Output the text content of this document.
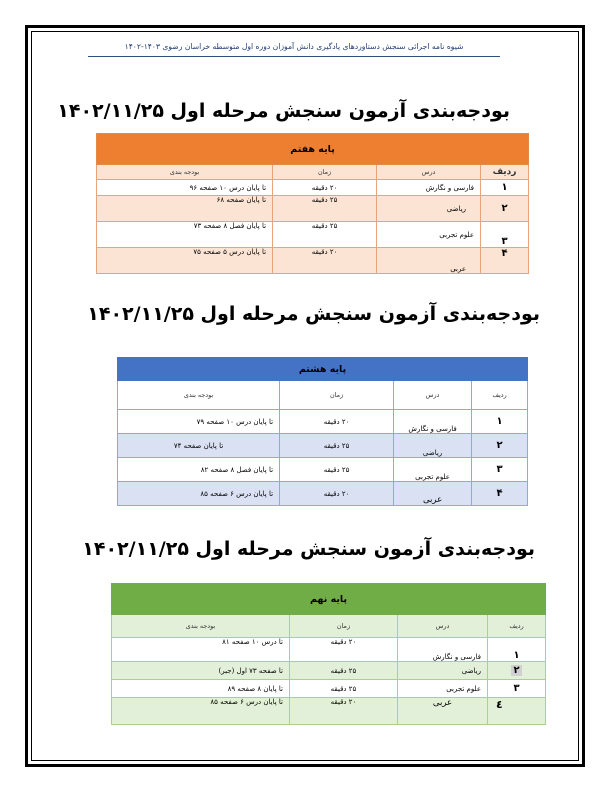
شیوه نامه اجرائی سنجش دستاوردهای یادگیری دانش آموزان دوره اول متوسطه خراسان رضوی ۱۴۰۳-۱۴۰۲
بودجه‌بندی آزمون سنجش مرحله اول ۱۴۰۲/۱۱/۲۵
پایه هفتم			
ردیف	درس	زمان	بودجه بندی
۱	فارسی و نگارش	۲۰ دقیقه	تا پایان درس ۱۰ صفحه ۹۶
۲	ریاضی	۲۵ دقیقه	تا پایان صفحه ۶۸
۳	علوم تجربی	۲۵ دقیقه	تا پایان فصل ۸ صفحه ۷۳
۴	عربی	۲۰ دقیقه	تا پایان درس ۵ صفحه ۷۵
بودجه‌بندی آزمون سنجش مرحله اول ۱۴۰۲/۱۱/۲۵
پایه هشتم			
ردیف	درس	زمان	بودجه بندی
۱	فارسی و نگارش	۲۰ دقیقه	تا پایان درس ۱۰ صفحه ۷۹
۲	ریاضی	۲۵ دقیقه	تا پایان صفحه ۷۴
۳	علوم تجربی	۲۵ دقیقه	تا پایان فصل ۸ صفحه ۸۲
۴	عربی	۲۰ دقیقه	تا پایان درس ۶ صفحه ۸۵
بودجه‌بندی آزمون سنجش مرحله اول ۱۴۰۲/۱۱/۲۵
پایه نهم			
ردیف	درس	زمان	بودجه بندی
۱	فارسی و نگارش	۲۰ دقیقه	تا درس ۱۰ صفحه ۸۱
۲	ریاضی	۲۵ دقیقه	تا صفحه ۷۳ اول (جبر)
۳	علوم تجربی	۲۵ دقیقه	تا پایان ۸ صفحه ۸۹
٤	عربی	۲۰ دقیقه	تا پایان درس ۶ صفحه ۸۵
